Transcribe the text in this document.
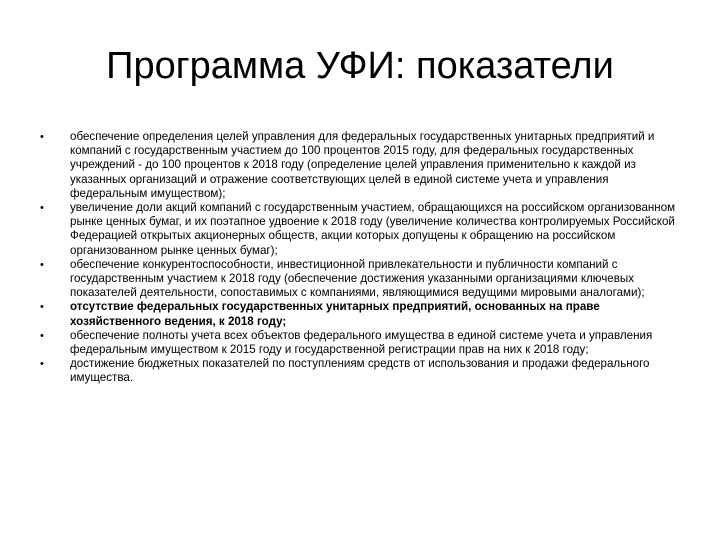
Программа УФИ: показатели
•	обеспечение определения целей управления для федеральных государственных унитарных предприятий и компаний с государственным участием до 100 процентов 2015 году, для федеральных государственных учреждений - до 100 процентов к 2018 году (определение целей управления применительно к каждой из указанных организаций и отражение соответствующих целей в единой системе учета и управления федеральным имуществом);
•	увеличение доли акций компаний с государственным участием, обращающихся на российском организованном рынке ценных бумаг, и их поэтапное удвоение к 2018 году (увеличение количества контролируемых Российской Федерацией открытых акционерных обществ, акции которых допущены к обращению на российском организованном рынке ценных бумаг);
•	обеспечение конкурентоспособности, инвестиционной привлекательности и публичности компаний с государственным участием к 2018 году (обеспечение достижения указанными организациями ключевых показателей деятельности, сопоставимых с компаниями, являющимися ведущими мировыми аналогами);
•	отсутствие федеральных государственных унитарных предприятий, основанных на праве хозяйственного ведения, к 2018 году;
•	обеспечение полноты учета всех объектов федерального имущества в единой системе учета и управления федеральным имуществом к 2015 году и государственной регистрации прав на них к 2018 году;
•	достижение бюджетных показателей по поступлениям средств от использования и продажи федерального имущества.
